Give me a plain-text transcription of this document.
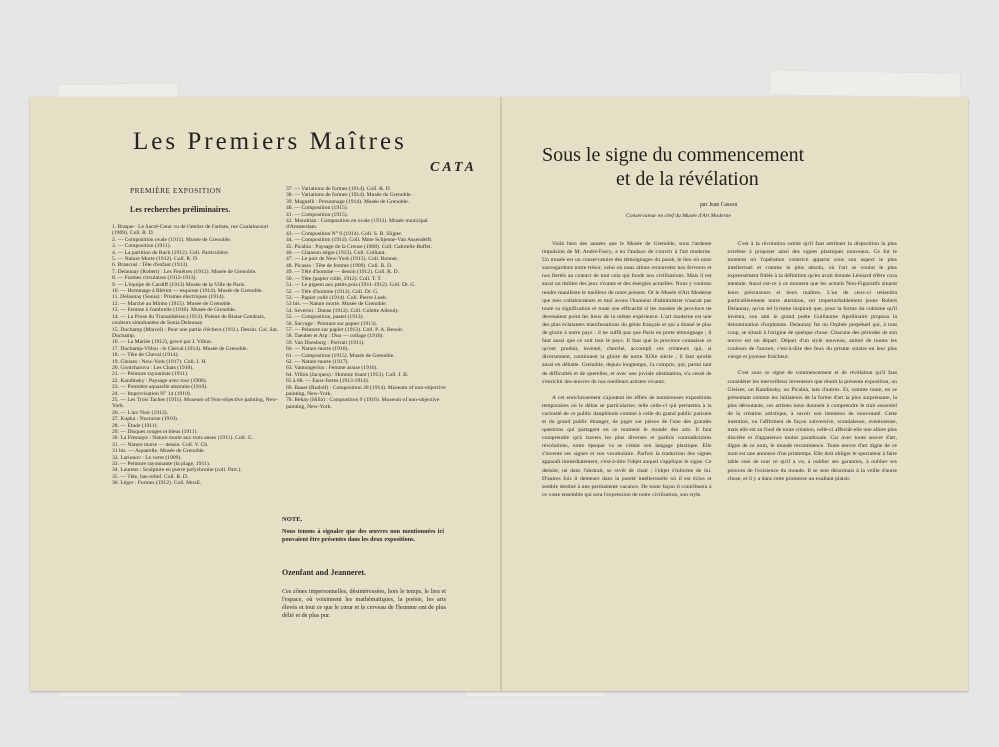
Les Premiers Maîtres
CATA
PREMIÈRE EXPOSITION
Les recherches préliminaires.
1. Braque : Le Sacré-Cœur vu de l'atelier de l'artiste, rue Caulaincourt (1909). Coll. R. D.
2. — Composition ovale (1911). Musée de Grenoble.
3. — Composition (1911).
4. — La partition de Bach (1912). Coll. Particulière.
5. — Nature Morte (1912). Coll. R. D.
6. Brancusi : Tête d'enfant (1913).
7. Delaunay (Robert) : Les Fenêtres (1912). Musée de Grenoble.
8. — Formes circulaires (1912-1913).
9. — L'équipe de Cardiff (1913) Musée de la Ville de Paris.
10. — Hommage à Blériot — esquisse (1914). Musée de Grenoble.
11. Delaunay (Sonia) : Prismes électriques (1914).
12. — Marché au Minho (1915). Musée de Grenoble.
13. — Femme à l'ombrelle (1916). Musée de Grenoble.
14. — La Prose du Transsibérien (1913). Poème de Blaise Cendrars, couleurs simultanées de Sonia Delaunay.
15. Duchamp (Marcel) : Pour une partie d'échecs (1911). Dessin. Col. Sat. Duchamp.
16. — La Mariée (1912), gravé par J. Villon.
17. Duchamp-Villon : le Cheval (1914). Musée de Grenoble.
18. — Tête de Cheval (1914).
19. Gleizes : New-York (1917). Coll. J. H.
20. Gontcharova : Les Chats (1910).
21. — Peinture rayonniste (1911).
22. Kandinsky : Paysage avec tour (1908).
23. — Première aquarelle abstraite (1910).
24. — Improvisation N° 14 (1910).
25. — Les Trois Taches (1911). Museum of Non-objective painting, New-York.
26. — L'arc Noir (1912).
27. Kupka : Nocturne (1910).
28. — Étude (1911).
29. — Disques rouges et bleus (1911).
30. La Fresnaye : Nature morte aux trois anses (1911). Coll. G.
31. — Nature morte — dessin. Coll. V. Ch.
31 bis. — Aquarelle. Musée de Grenoble.
32. Larionov : Le verre (1909).
33. — Peinture rayonnante (la plage, 1911).
34. Laurens : Sculpture en pierre polychrome (coll. Part.).
35. — Tête, bas-relief. Coll. R. D.
36. Léger : Formes (1912). Coll. MoxE.
37. — Variations de formes (1914). Coll. R. D.
38. — Variations de formes (1914). Musée de Grenoble.
39. Magnelli : Personnage (1914). Musée de Grenoble.
40. — Composition (1915).
41. — Composition (1915).
42. Mondrian : Composition en ovale (1913). Musée municipal d'Amsterdam.
43. — Composition N° 6 (1914). Coll. S. B. Slijper.
44. — Composition (1914). Coll. Mme Schjenne-Van Assendelft.
45. Picabia : Paysage de la Creuse (1908). Coll. Gabrielle Buffet.
46. — Chanson nègre (1913). Coll. Colliaut.
47. — Le port de New-York (1913). Coll. Bonnet.
48. Picasso : Tête de femme (1909). Coll. R. D.
49. — Tête d'homme — dessin (1912). Coll. R. D.
50. — Tête (papier collé, 1912). Coll. T. T.
51. — Le pigeon aux petits pois (1911-1912). Coll. Dr. G.
52. — Tête d'homme (1912). Coll. Dr. G.
53. — Papier collé (1914). Coll. Pierre Loeb.
53 bis. — Nature morte. Musée de Grenoble.
54. Severini : Danse (1912). Coll. Colette Allendy.
55. — Composition, pastel (1913).
56. Survage : Peinture sur papier (1913).
57. — Peinture sur papier (1913). Coll. P. A. Benoit.
58. Taeuber et Arp : Duo — collage (1916).
59. Van Doesburg : Portrait (1911).
60. — Nature morte (1916).
61. — Composition (1915). Musée de Grenoble.
62. — Nature morte (1917).
63. Vantongerloo : Femme assise (1916).
64. Villon (Jacques) : Homme lisant (1913). Coll. J. B.
65 à 68. — Eaux-fortes (1913-1914).
69. Bauer (Rudolf) : Composition 28 (1914). Museum of non-objective painting, New-York.
70. Bekay (Hilla) : Composition 9 (1916). Museum of non-objective painting, New-York.
NOTE.
Nous tenons à signaler que des œuvres non mentionnées ici pouvaient être présentes dans les deux expositions.
Ozenfant and Jeanneret.
Ces zônes impersonnelles, désintéressées, hors le temps, le lieu et l'espace, où voisinnent les mathématiques, la poésie, les arts élevés et tout ce que le cœur et le cerveau de l'homme ont de plus délié et de plus pur.
Sous le signe du commencement
et de la révélation
par Jean Cassou
Conservateur en chef du Musée d'Art Moderne

Voilà bien des années que le Musée de Grenoble, sous l'ardente impulsion de M. André-Farcy, a eu l'audace de s'ouvrir à l'art moderne. Un musée est un conservatoire des témoignages du passé, le lieu où nous sauvegardons notre trésor, celui où nous allons renouveler nos ferveurs et nos fiertés au contact de tout cela qui fonde nos civilisations. Mais il est aussi un théâtre des jeux vivants et des énergies actuelles. Nous y voulons rendre manifeste le meilleur de notre présent. Or le Musée d'Art Moderne que mes collaborateurs et moi avons l'honneur d'administrer n'aurait pas toute sa signification et toute son efficacité si les musées de province ne devenaient point les lieux de la même expérience. L'art moderne est une des plus éclatantes manifestations du génie français et qui a donné le plus de gloire à notre pays : il ne suffit pas que Paris en porte témoignage ; il faut aussi que ce soit tout le pays. Il faut que la province connaisse ce qu'ont produit, inventé, cherché, accompli ces créateurs qui, si diversement, continuent la gloire de notre XIXe siècle ; il faut qu'elle aussi en débatte. Grenoble, depuis longtemps, l'a compris, qui, parmi tant de difficultés et de querelles, et avec une joviale obstination, n'a cessé de s'enrichir des œuvres de nos meilleurs artistes vivants.

A cet enrichissement s'ajoutent les effets de nombreuses expositions temporaires où le débat se particularise, telle celle-ci qui permettra à la curiosité de ce public dauphinois comme à celle du grand public parisien et du grand public étranger, de juger sur pièces de l'une des grandes questions qui partagent en ce moment le monde des arts. Il faut comprendre qu'à travers les plus diverses et parfois contradictoires révolutions, notre époque va se créant son langage plastique. Elle s'invente ses signes et son vocabulaire. Parfois la traduction des signes apparaît immédiatement, c'est-à-dire l'objet auquel s'applique le signe. Ce dernier, né dans l'abstrait, se revêt de chair ; l'objet s'informe de lui. D'autres fois il demeure dans la pureté intellectuelle où il est éclos et semble destiné à une permanente vacance. De toute façon il contribuera à ce vaste ensemble qui sera l'expression de notre civilisation, son style.

C'est à la révolution subite qu'il faut attribuer la disposition la plus extrême à proposer ainsi des signes plastiques nouveaux. Ce fut le moment où l'opération créatrice apparut sous son aspect le plus intellectuel et comme le plus absolu, où l'art se voulut le plus expressément fidèle à la définition qu'en avait donnée Léonard d'être cosa mentale. Aussi est-ce à ce moment que les actuels Non-Figuratifs situent leurs précurseurs et leurs maîtres. L'un de ceux-ci retiendra particulièrement notre attention, cet imperturbablement jeune Robert Delaunay, qu'un tel lyrisme inspirait que, pour la forme du cubisme qu'il inventa, son ami le grand poète Guillaume Apollinaire proposa la dénomination d'orphisme. Delaunay fut un Orphée perpétuel qui, à tout coup, se situait à l'origine de quelque chose. Chacune des périodes de son œuvre est un départ. Départ d'un style nouveau, animé de toutes les couleurs de l'aurore, c'est-à-dire des feux du prisme solaire en leur plus vierge et joyeuse fraîcheur.

C'est sous ce signe de commencement et de révélation qu'il faut considérer les merveilleux inventeurs que réunit la présente exposition, un Gleizes, un Kandinsky, un Picabia, tant d'autres. Et, somme toute, en se présentant comme les initiateurs de la forme d'art la plus surprenante, la plus déroutante, ces artistes nous donnent à comprendre le trait essentiel de la création artistique, à savoir son intention de nouveauté. Cette intention, ou l'affirment de façon subversive, scandaleuse, aventureuse, mais elle est au fond de toute création, celle-ci affectât-elle une allure plus discrète et d'apparence moins paradoxale. Car avec toute œuvre d'art, digne de ce nom, le monde recommence. Toute œuvre d'art digne de ce nom est une annonce d'un printemps. Elle doit obliger le spectateur à faire table rase de tout ce qu'il a vu, à oublier ses garanties, à oublier ses preuves de l'existence du monde. Il se sent désormais à la veille d'autre chose, et il y a dans cette promesse un exaltant plaisir.
